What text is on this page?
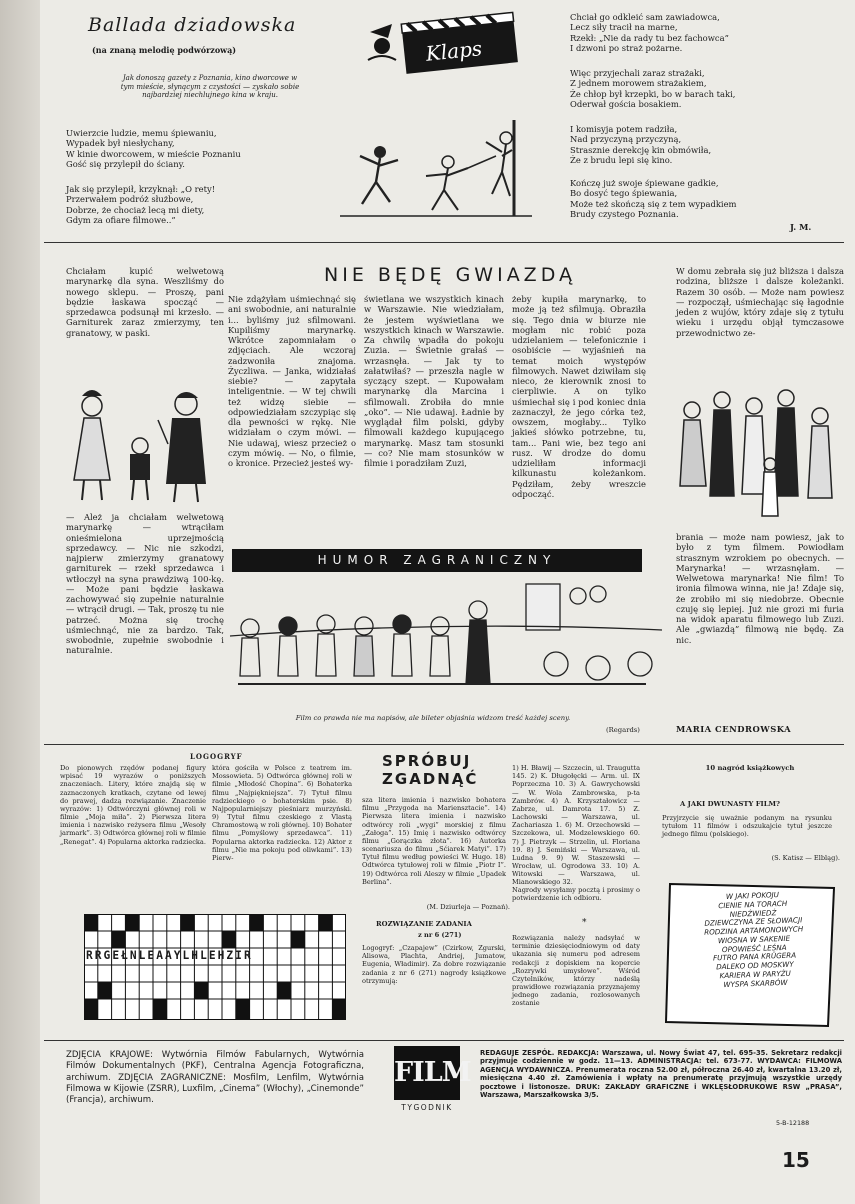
Ballada dziadowska

(na znaną melodię podwórzową)

Jak donoszą gazety z Poznania, kino dworcowe w tym mieście, słynącym z czystości — zyskało sobie najbardziej niechlujnego kina w kraju.

Uwierzcie ludzie, memu śpiewaniu,
Wypadek był niesłychany,
W kinie dworcowem, w mieście Poznaniu
Gość się przylepił do ściany.

Jak się przylepił, krzyknął: „O rety!
Przerwałem podróż służbowe,
Dobrze, że chociaż lecą mi diety,
Gdym za ofiare filmowe..”

Klaps

Chciał go odkleić sam zawiadowca,
Lecz siły tracił na marne,
Rzekł: „Nie da rady tu bez fachowca”
I dzwoni po straż pożarne.

Więc przyjechali zaraz strażaki,
Z jednem morowem strażakiem,
Że chłop był krzepki, bo w barach taki,
Oderwał gościa bosakiem.

I komisyja potem radziła,
Nad przyczyną przyczyną,
Strasznie derekcję kin obmówiła,
Że z brudu lepi się kino.

Kończę już swoje śpiewane gadkie,
Bo dosyć tego śpiewania,
Może też skończą się z tem wypadkiem
Brudy czystego Poznania.

J. M.

NIE BĘDĘ GWIAZDĄ

Chciałam kupić welwetową marynarkę dla syna. Weszliśmy do nowego sklepu. — Proszę, pani będzie łaskawa spocząć — sprzedawca podsunął mi krzesło. — Garniturek zaraz zmierzymy, ten granatowy, w paski.

— Ależ ja chciałam welwetową marynarkę — wtrąciłam onieśmielona uprzejmością sprzedawcy. — Nic nie szkodzi, najpierw zmierzymy granatowy garniturek — rzekł sprzedawca i wtłoczył na syna prawdziwą 100-kę. — Może pani będzie łaskawa zachowywać się zupełnie naturalnie — wtrącił drugi. — Tak, proszę tu nie patrzeć. Można się trochę uśmiechnąć, nie za bardzo. Tak, swobodnie, zupełnie swobodnie i naturalnie.

Nie zdążyłam uśmiechnąć się ani swobodnie, ani naturalnie i... byliśmy już sfilmowani. Kupiliśmy marynarkę. Wkrótce zapomniałam o zdjęciach. Ale wczoraj zadzwoniła znajoma. Życzliwa. — Janka, widziałaś siebie? — zapytała inteligentnie. — W tej chwili też widzę siebie — odpowiedziałam szczypiąc się dla pewności w rękę. Nie widziałam o czym mówi. — Nie udawaj, wiesz przecież o czym mówię. — No, o filmie, o kronice. Przecież jesteś wy-

świetlana we wszystkich kinach w Warszawie. Nie wiedziałam, że jestem wyświetlana we wszystkich kinach w Warszawie. Za chwilę wpadła do pokoju Zuzia. — Świetnie grałaś — wrzasnęła. — Jak ty to załatwiłaś? — przeszła nagle w syczący szept. — Kupowałam marynarkę dla Marcina i sfilmowali. Zrobiła do mnie „oko”. — Nie udawaj. Ładnie by wyglądał film polski, gdyby filmowali każdego kupującego marynarkę. Masz tam stosunki — co? Nie mam stosunków w filmie i poradziłam Zuzi,

żeby kupiła marynarkę, to może ją też sfilmują. Obraziła się. Tego dnia w biurze nie mogłam nic robić poza udzielaniem — telefonicznie i osobiście — wyjaśnień na temat moich występów filmowych. Nawet dziwiłam się nieco, że kierownik znosi to cierpliwie. A on tylko uśmiechał się i pod koniec dnia zaznaczył, że jego córka też, owszem, mogłaby... Tylko jakieś słówko potrzebne, tu, tam... Pani wie, bez tego ani rusz. W drodze do domu udzieliłam informacji kilkunastu koleżankom. Pędziłam, żeby wreszcie odpocząć.

W domu zebrała się już bliższa i dalsza rodzina, bliższe i dalsze koleżanki. Razem 30 osób. — Może nam powiesz — rozpoczął, uśmiechając się łagodnie jeden z wujów, który zdaje się z tytułu wieku i urzędu objął tymczasowe przewodnictwo ze-

brania — może nam powiesz, jak to było z tym filmem. Powiodłam strasznym wzrokiem po obecnych. — Marynarka! — wrzasnęłam. — Welwetowa marynarka! Nie film! To ironia filmowa winna, nie ja! Zdaje się, że zrobiło mi się niedobrze. Obecnie czuję się lepiej. Już nie grozi mi furia na widok aparatu filmowego lub Zuzi. Ale „gwiazdą” filmową nie będę. Za nic.

MARIA CENDROWSKA

HUMOR ZAGRANICZNY

Film co prawda nie ma napisów, ale bileter objaśnia widzom treść każdej sceny.

(Regards)

LOGOGRYF

Do pionowych rzędów podanej figury wpisać 19 wyrazów o poniższych znaczeniach. Litery, które znajdą się w zaznaczonych kratkach, czytane od lewej do prawej, dadzą rozwiązanie. Znaczenie wyrazów: 1) Odtwórczyni głównej roli w filmie „Moja miła”. 2) Pierwsza litera imienia i nazwisko reżysera filmu „Wesoły jarmark”. 3) Odtwórca głównej roli w filmie „Renegat”. 4) Popularna aktorka radziecka.

która gościła w Polsce z teatrem im. Mossowieta. 5) Odtwórca głównej roli w filmie „Młodość Chopina”. 6) Bohaterka filmu „Najpiękniejsza”. 7) Tytuł filmu radzieckiego o bohaterskim psie. 8) Najpopularniejszy pieśniarz murzyński. 9) Tytuł filmu czeskiego z Vlastą Chramostową w roli głównej. 10) Bohater filmu „Pomyślowy sprzedawca”. 11) Popularna aktorka radziecka. 12) Aktor z filmu „Nie ma pokoju pod oliwkami”. 13) Pierw-

RRGEŁNLEAAYLHLEHZIR

SPRÓBUJ

ZGADNĄĆ

sza litera imienia i nazwisko bohatera filmu „Przygoda na Mariensztacie”. 14) Pierwsza litera imienia i nazwisko odtwórcy roli „wygi” morskiej z filmu „Załoga”. 15) Imię i nazwisko odtwórcy filmu „Gorączka złota”. 16) Autorka scenariusza do filmu „Sćiarek Matyi”. 17) Tytuł filmu według powieści W. Hugo. 18) Odtwórca tytułowej roli w filmie „Piotr I”. 19) Odtwórca roli Aleszy w filmie „Upadek Berlina”.

(M. Dziurleja — Poznań).

ROZWIĄZANIE ZADANIA

z nr 6 (271)

Logogryf: „Czapajew” (Czirkow, Zgurski, Alisowa, Plachta, Andriej, Jumatow, Eugenia, Władimir). Za dobre rozwiązanie zadania z nr 6 (271) nagrody książkowe otrzymują:

1) H. Bławij — Szczecin, ul. Traugutta 145. 2) K. Długołęcki — Arm. ul. IX Poprzeczna 10. 3) A. Gawrychowski — W. Wola Zambrowska, p-ta Zambrów. 4) A. Krzyształowicz — Zabrze, ul. Damrota 17. 5) Z. Lachowski — Warszawa, ul. Zachariasza 1. 6) M. Orzechowski — Szczekowa, ul. Modzelewskiego 60. 7) J. Pietrzyk — Strzelin, ul. Floriana 19. 8) J. Semiński — Warszawa, ul. Ludna 9. 9) W. Staszewski — Wrocław, ul. Ogrodowa 33. 10) A. Witowski — Warszawa, ul. Mianowskiego 32.

Nagrody wysyłamy pocztą i prosimy o potwierdzenie ich odbioru.

*

Rozwiązania należy nadsyłać w terminie dziesięciodniowym od daty ukazania się numeru pod adresem redakcji z dopiskiem na kopercie „Rozrywki umysłowe”. Wśród Czytelników, którzy nadeślą prawidłowe rozwiązania przyznajemy jednego zadania, rozlosowanych zostanie

10 nagród książkowych

A JAKI DWUNASTY FILM?

Przyjrzycie się uważnie podanym na rysunku tytułom 11 filmów i odszukajcie tytuł jeszcze jednego filmu (polskiego).

(S. Katisz — Elbląg).

W JAKI POKOJU
CIENIE NA TORACH
NIEDŹWIEDŹ
DZIEWCZYNA ZE SŁOWACJI
RODZINA ARTAMONOWYCH
WIOSNA W SAKENIE
OPOWIEŚĆ LEŚNA
FUTRO PANA KRÜGERA
DALEKO OD MOSKWY
KARIERA W PARYŻU
WYSPA SKARBÓW

ZDJĘCIA KRAJOWE: Wytwórnia Filmów Fabularnych, Wytwórnia Filmów Dokumentalnych (PKF), Centralna Agencja Fotograficzna, archiwum. ZDJĘCIA ZAGRANICZNE: Mosfilm, Lenfilm, Wytwórnia Filmowa w Kijowie (ZSRR), Luxfilm, „Cinema” (Włochy), „Cinemonde” (Francja), archiwum.

FILM
TYGODNIK

REDAGUJE ZESPÓŁ. REDAKCJA: Warszawa, ul. Nowy Świat 47, tel. 695-35. Sekretarz redakcji przyjmuje codziennie w godz. 11—13. ADMINISTRACJA: tel. 673-77. WYDAWCA: FILMOWA AGENCJA WYDAWNICZA. Prenumerata roczna 52.00 zł, półroczna 26.40 zł, kwartalna 13.20 zł, miesięczna 4.40 zł. Zamówienia i wpłaty na prenumeratę przyjmują wszystkie urzędy pocztowe i listonosze. DRUK: ZAKŁADY GRAFICZNE i WKLĘSŁODRUKOWE RSW „PRASA”, Warszawa, Marszałkowska 3/5.

5-B-12188

15
